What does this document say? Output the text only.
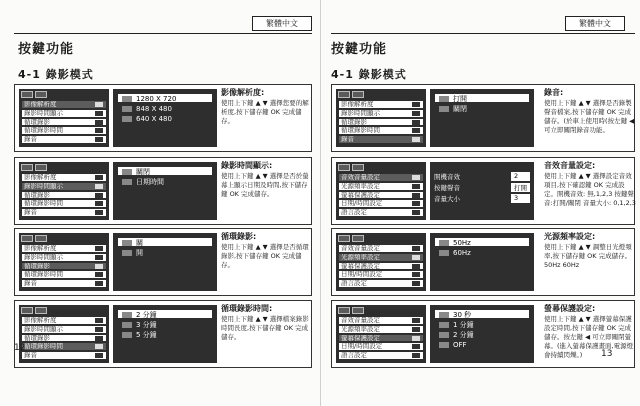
繁體中文
按鍵功能
4-1 錄影模式
影像解析度
錄影時間顯示
循環錄影
循環錄影時間
錄音
1280 X 720
848 X 480
640 X 480
影像解析度:
使用上下鍵 ▲ ▼ 選擇您要的解析度,按下儲存鍵 OK 完成儲存。
影像解析度
錄影時間顯示
循環錄影
循環錄影時間
錄音
關閉
日期時間
錄影時間顯示:
使用上下鍵 ▲ ▼ 選擇是否於螢幕上顯示日期及時間,按下儲存鍵 OK 完成儲存。
影像解析度
錄影時間顯示
循環錄影
循環錄影時間
錄音
關
開
循環錄影:
使用上下鍵 ▲ ▼ 選擇是否循環錄影,按下儲存鍵 OK 完成儲存。
影像解析度
錄影時間顯示
循環錄影
循環錄影時間
錄音
2 分鐘
3 分鐘
5 分鐘
循環錄影時間:
使用上下鍵 ▲ ▼ 選擇檔案錄影時間長度,按下儲存鍵 OK 完成儲存。
12
繁體中文
按鍵功能
4-1 錄影模式
影像解析度
錄影時間顯示
循環錄影
循環錄影時間
錄音
打開
關閉
錄音:
使用上下鍵 ▲ ▼ 選擇是否錄製聲音檔案,按下儲存鍵 OK 完成儲存。(於車上使用時(按左鍵 ◀ 可立即關閉錄音功能。
音效音量設定
光源頻率設定
螢幕保護設定
日期/時間設定
語言設定
開機音效	2
按鍵聲音	打開
音量大小	3
音效音量設定:
使用上下鍵 ▲ ▼ 選擇設定音效項目,按下確認鍵 OK 完成設定。開機音效: 無,1,2,3 按鍵聲音:打開/關閉 音量大小: 0,1,2,3
音效音量設定
光源頻率設定
螢幕保護設定
日期/時間設定
語言設定
50Hz
60Hz
光源頻率設定:
使用上下鍵 ▲ ▼ 調整日光燈頻率,按下儲存鍵 OK 完成儲存。50Hz 60Hz
音效音量設定
光源頻率設定
螢幕保護設定
日期/時間設定
語言設定
30 秒
1 分鐘
2 分鐘
OFF
螢幕保護設定:
使用上下鍵 ▲ ▼ 選擇螢幕保護設定時間,按下儲存鍵 OK 完成儲存。按左鍵 ◀ 可立即關閉螢幕。(進入螢幕保護畫面,電源燈會持續閃爍。)	13
